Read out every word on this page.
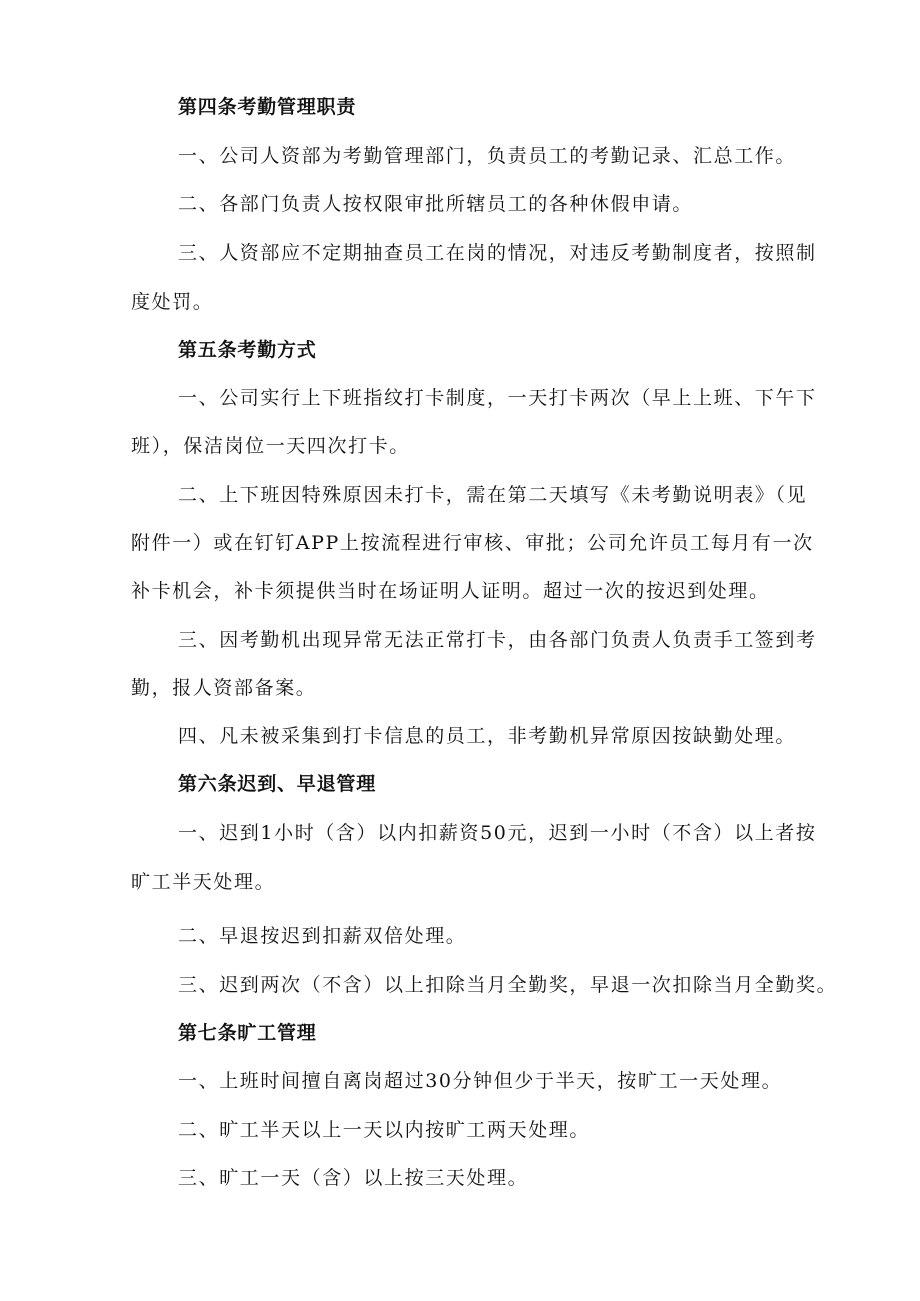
第四条考勤管理职责
一、公司人资部为考勤管理部门，负责员工的考勤记录、汇总工作。
二、各部门负责人按权限审批所辖员工的各种休假申请。
三、人资部应不定期抽查员工在岗的情况，对违反考勤制度者，按照制
度处罚。
第五条考勤方式
一、公司实行上下班指纹打卡制度，一天打卡两次（早上上班、下午下
班），保洁岗位一天四次打卡。
二、上下班因特殊原因未打卡，需在第二天填写《未考勤说明表》（见
附件一）或在钉钉APP上按流程进行审核、审批；公司允许员工每月有一次
补卡机会，补卡须提供当时在场证明人证明。超过一次的按迟到处理。
三、因考勤机出现异常无法正常打卡，由各部门负责人负责手工签到考
勤，报人资部备案。
四、凡未被采集到打卡信息的员工，非考勤机异常原因按缺勤处理。
第六条迟到、早退管理
一、迟到1小时（含）以内扣薪资50元，迟到一小时（不含）以上者按
旷工半天处理。
二、早退按迟到扣薪双倍处理。
三、迟到两次（不含）以上扣除当月全勤奖，早退一次扣除当月全勤奖。
第七条旷工管理
一、上班时间擅自离岗超过30分钟但少于半天，按旷工一天处理。
二、旷工半天以上一天以内按旷工两天处理。
三、旷工一天（含）以上按三天处理。
